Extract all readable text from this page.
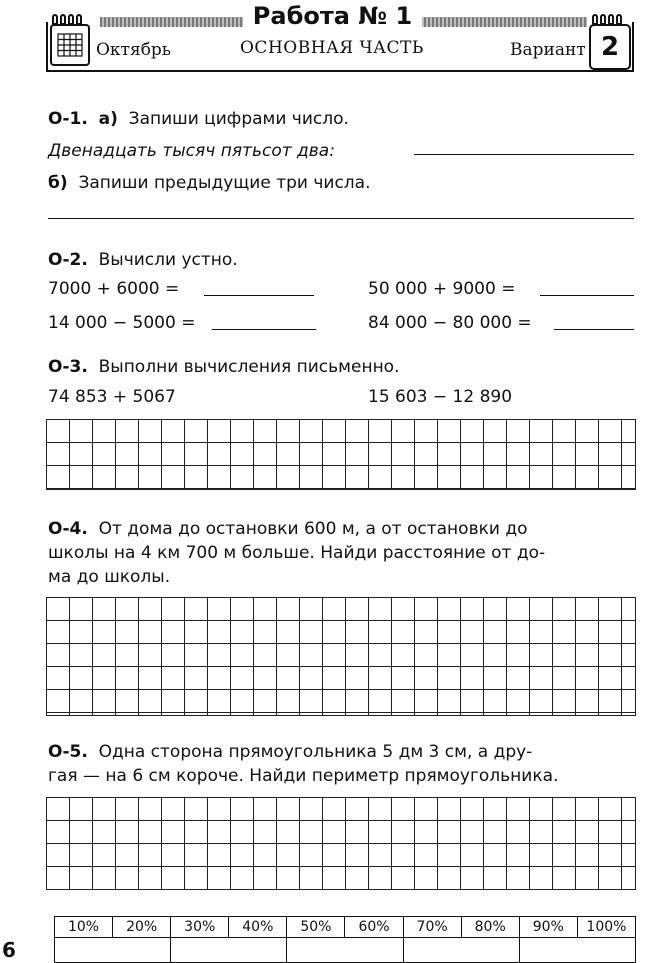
Работа № 1
Октябрь	ОСНОВНАЯ ЧАСТЬ	Вариант 2
О-1. а) Запиши цифрами число.
Двенадцать тысяч пятьсот два:
б) Запиши предыдущие три числа.
О-2. Вычисли устно.
7000 + 6000 =	50 000 + 9000 =
14 000 − 5000 =	84 000 − 80 000 =
О-3. Выполни вычисления письменно.
74 853 + 5067	15 603 − 12 890
О-4. От дома до остановки 600 м, а от остановки до
школы на 4 км 700 м больше. Найди расстояние от до-
ма до школы.
О-5. Одна сторона прямоугольника 5 дм 3 см, а дру-
гая — на 6 см короче. Найди периметр прямоугольника.
10%	20%	30%	40%	50%	60%	70%	80%	90%	100%

6
